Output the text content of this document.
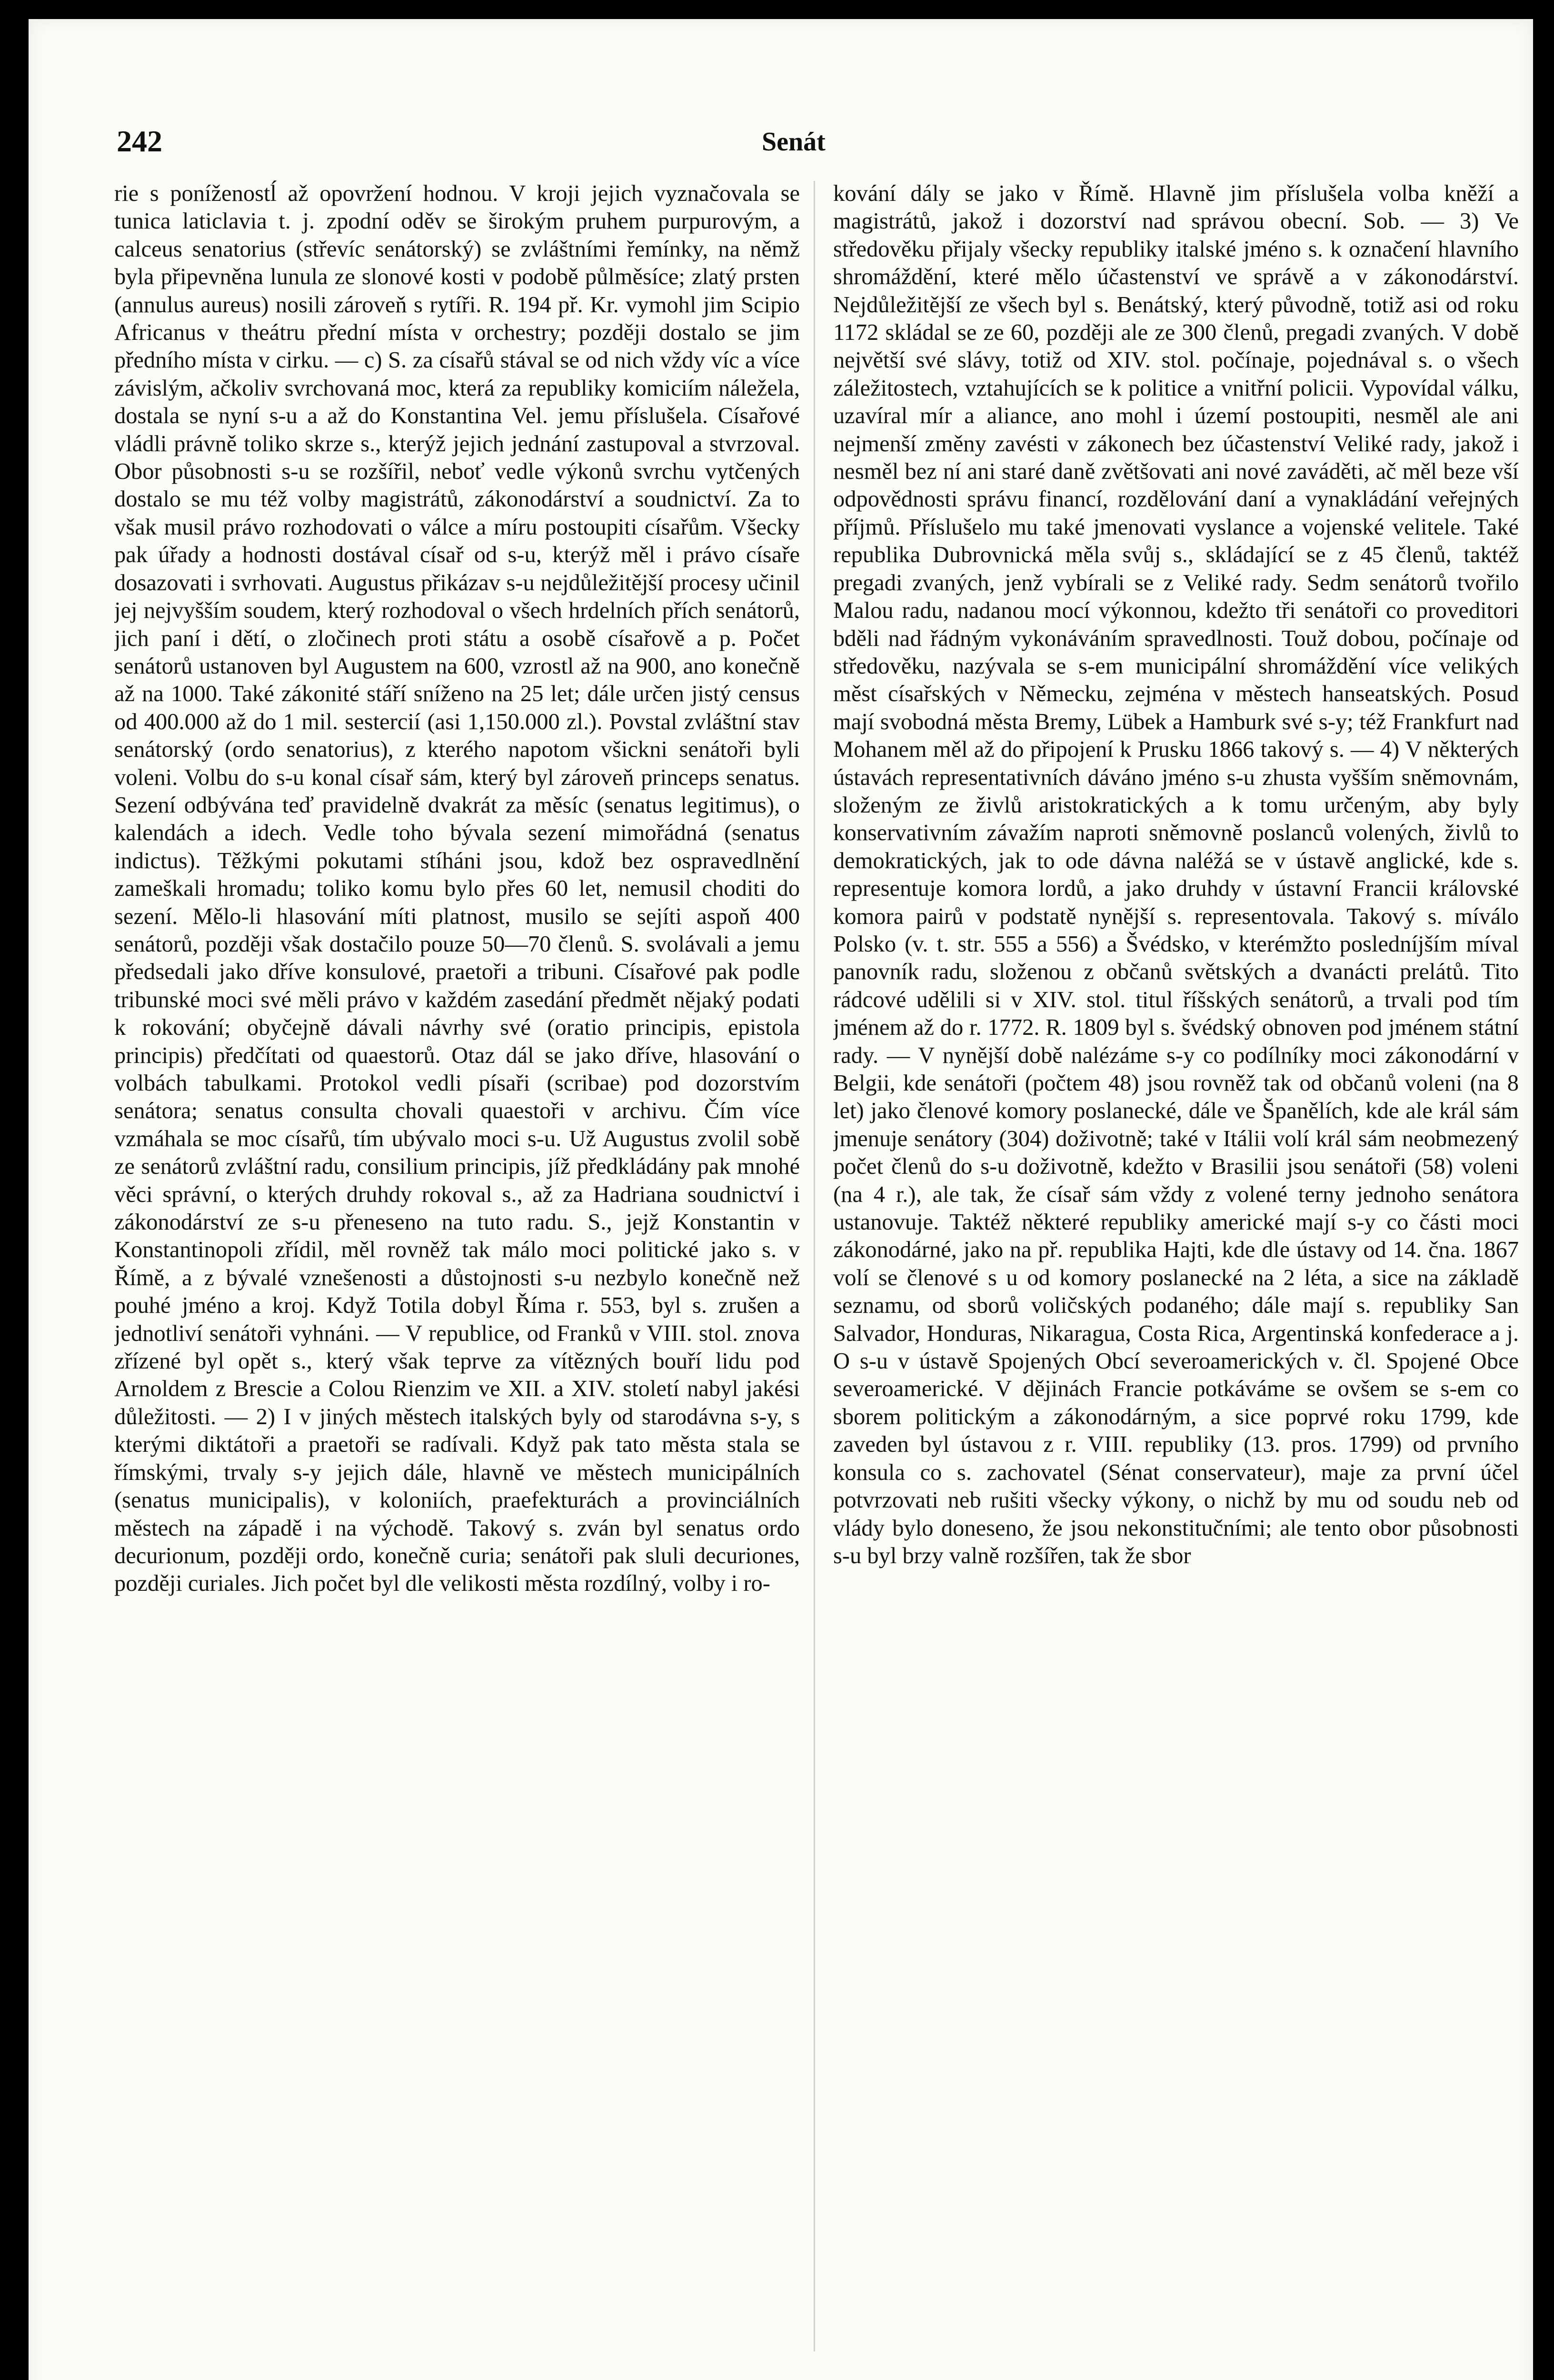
242	Senát

rie s poníženostĺ až opovržení hodnou. V kroji jejich vyznačovala se tunica laticlavia t. j. zpodní oděv se širokým pruhem purpurovým, a calceus senatorius (střevíc senátorský) se zvláštními řemínky, na němž byla připevněna lunula ze slonové kosti v podobě půlměsíce; zlatý prsten (annulus aureus) nosili zároveň s rytíři. R. 194 př. Kr. vymohl jim Scipio Africanus v theátru přední místa v orchestry; později dostalo se jim předního místa v cirku. — c) S. za císařů stával se od nich vždy víc a více závislým, ačkoliv svrchovaná moc, která za republiky komiciím náležela, dostala se nyní s-u a až do Konstantina Vel. jemu příslušela. Císařové vládli právně toliko skrze s., kterýž jejich jednání zastupoval a stvrzoval. Obor působnosti s-u se rozšířil, neboť vedle výkonů svrchu vytčených dostalo se mu též volby magistrátů, zákonodárství a soudnictví. Za to však musil právo rozhodovati o válce a míru postoupiti císařům. Všecky pak úřady a hodnosti dostával císař od s-u, kterýž měl i právo císaře dosazovati i svrhovati. Augustus přikázav s-u nejdůležitější procesy učinil jej nejvyšším soudem, který rozhodoval o všech hrdelních přích senátorů, jich paní i dětí, o zločinech proti státu a osobě císařově a p. Počet senátorů ustanoven byl Augustem na 600, vzrostl až na 900, ano konečně až na 1000. Také zákonité stáří sníženo na 25 let; dále určen jistý census od 400.000 až do 1 mil. sestercií (asi 1,150.000 zl.). Povstal zvláštní stav senátorský (ordo senatorius), z kterého napotom všickni senátoři byli voleni. Volbu do s-u konal císař sám, který byl zároveň princeps senatus. Sezení odbývána teď pravidelně dvakrát za měsíc (senatus legitimus), o kalendách a idech. Vedle toho bývala sezení mimořádná (senatus indictus). Těžkými pokutami stíháni jsou, kdož bez ospravedlnění zameškali hromadu; toliko komu bylo přes 60 let, nemusil choditi do sezení. Mělo-li hlasování míti platnost, musilo se sejíti aspoň 400 senátorů, později však dostačilo pouze 50—70 členů. S. svolávali a jemu předsedali jako dříve konsulové, praetoři a tribuni. Císařové pak podle tribunské moci své měli právo v každém zasedání předmět nějaký podati k rokování; obyčejně dávali návrhy své (oratio principis, epistola principis) předčítati od quaestorů. Otaz dál se jako dříve, hlasování o volbách tabulkami. Protokol vedli písaři (scribae) pod dozorstvím senátora; senatus consulta chovali quaestoři v archivu. Čím více vzmáhala se moc císařů, tím ubývalo moci s-u. Už Augustus zvolil sobě ze senátorů zvláštní radu, consilium principis, jíž předkládány pak mnohé věci správní, o kterých druhdy rokoval s., až za Hadriana soudnictví i zákonodárství ze s-u přeneseno na tuto radu. S., jejž Konstantin v Konstantinopoli zřídil, měl rovněž tak málo moci politické jako s. v Římě, a z bývalé vznešenosti a důstojnosti s-u nezbylo konečně než pouhé jméno a kroj. Když Totila dobyl Říma r. 553, byl s. zrušen a jednotliví senátoři vyhnáni. — V republice, od Franků v VIII. stol. znova zřízené byl opět s., který však teprve za vítězných bouří lidu pod Arnoldem z Brescie a Colou Rienzim ve XII. a XIV. století nabyl jakési důležitosti. — 2) I v jiných městech italských byly od starodávna s-y, s kterými diktátoři a praetoři se radívali. Když pak tato města stala se římskými, trvaly s-y jejich dále, hlavně ve městech municipálních (senatus municipalis), v koloniích, praefekturách a provinciálních městech na západě i na východě. Takový s. zván byl senatus ordo decurionum, později ordo, konečně curia; senátoři pak sluli decuriones, později curiales. Jich počet byl dle velikosti města rozdílný, volby i ro-

kování dály se jako v Římě. Hlavně jim příslušela volba kněží a magistrátů, jakož i dozorství nad správou obecní. Sob. — 3) Ve středověku přijaly všecky republiky italské jméno s. k označení hlavního shromáždění, které mělo účastenství ve správě a v zákonodárství. Nejdůležitější ze všech byl s. Benátský, který původně, totiž asi od roku 1172 skládal se ze 60, později ale ze 300 členů, pregadi zvaných. V době největší své slávy, totiž od XIV. stol. počínaje, pojednával s. o všech záležitostech, vztahujících se k politice a vnitřní policii. Vypovídal válku, uzavíral mír a aliance, ano mohl i území postoupiti, nesměl ale ani nejmenší změny zavésti v zákonech bez účastenství Veliké rady, jakož i nesměl bez ní ani staré daně zvětšovati ani nové zaváděti, ač měl beze vší odpovědnosti správu financí, rozdělování daní a vynakládání veřejných příjmů. Příslušelo mu také jmenovati vyslance a vojenské velitele. Také republika Dubrovnická měla svůj s., skládající se z 45 členů, taktéž pregadi zvaných, jenž vybírali se z Veliké rady. Sedm senátorů tvořilo Malou radu, nadanou mocí výkonnou, kdežto tři senátoři co proveditori bděli nad řádným vykonáváním spravedlnosti. Touž dobou, počínaje od středověku, nazývala se s-em municipální shromáždění více velikých měst císařských v Německu, zejména v městech hanseatských. Posud mají svobodná města Bremy, Lübek a Hamburk své s-y; též Frankfurt nad Mohanem měl až do připojení k Prusku 1866 takový s. — 4) V některých ústavách representativních dáváno jméno s-u zhusta vyšším sněmovnám, složeným ze živlů aristokratických a k tomu určeným, aby byly konservativním závažím naproti sněmovně poslanců volených, živlů to demokratických, jak to ode dávna naléžá se v ústavě anglické, kde s. representuje komora lordů, a jako druhdy v ústavní Francii královské komora pairů v podstatě nynější s. representovala. Takový s. míválo Polsko (v. t. str. 555 a 556) a Švédsko, v kterémžto posledníjším míval panovník radu, složenou z občanů světských a dvanácti prelátů. Tito rádcové udělili si v XIV. stol. titul říšských senátorů, a trvali pod tím jménem až do r. 1772. R. 1809 byl s. švédský obnoven pod jménem státní rady. — V nynější době nalézáme s-y co podílníky moci zákonodární v Belgii, kde senátoři (počtem 48) jsou rovněž tak od občanů voleni (na 8 let) jako členové komory poslanecké, dále ve Španělích, kde ale král sám jmenuje senátory (304) doživotně; také v Itálii volí král sám neobmezený počet členů do s-u doživotně, kdežto v Brasilii jsou senátoři (58) voleni (na 4 r.), ale tak, že císař sám vždy z volené terny jednoho senátora ustanovuje. Taktéž některé republiky americké mají s-y co části moci zákonodárné, jako na př. republika Hajti, kde dle ústavy od 14. čna. 1867 volí se členové s u od komory poslanecké na 2 léta, a sice na základě seznamu, od sborů voličských podaného; dále mají s. republiky San Salvador, Honduras, Nikaragua, Costa Rica, Argentinská konfederace a j. O s-u v ústavě Spojených Obcí severoamerických v. čl. Spojené Obce severoamerické. V dějinách Francie potkáváme se ovšem se s-em co sborem politickým a zákonodárným, a sice poprvé roku 1799, kde zaveden byl ústavou z r. VIII. republiky (13. pros. 1799) od prvního konsula co s. zachovatel (Sénat conservateur), maje za první účel potvrzovati neb rušiti všecky výkony, o nichž by mu od soudu neb od vlády bylo doneseno, že jsou nekonstitučními; ale tento obor působnosti s-u byl brzy valně rozšířen, tak že sbor
